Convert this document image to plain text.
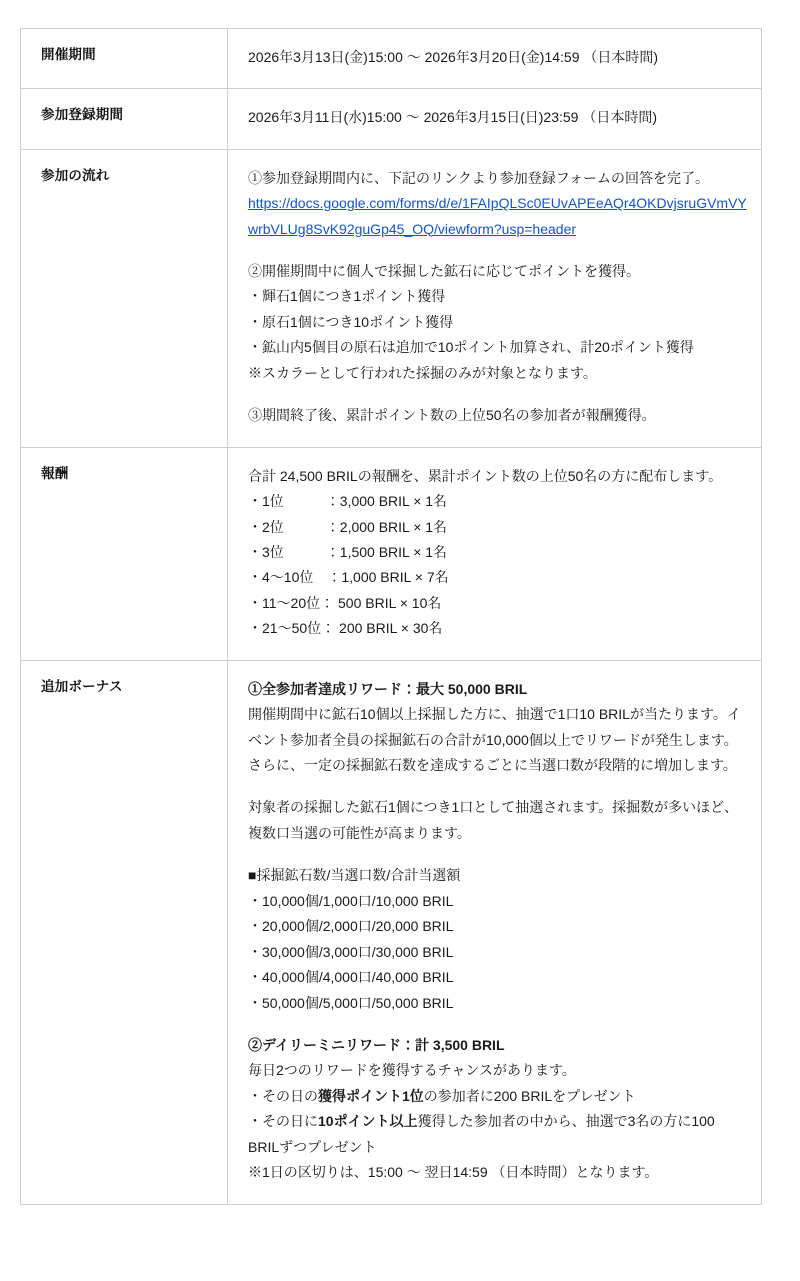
開催期間	2026年3月13日(金)15:00 ～ 2026年3月20日(金)14:59 （日本時間)

参加登録期間	2026年3月11日(水)15:00 ～ 2026年3月15日(日)23:59 （日本時間)

参加の流れ	①参加登録期間内に、下記のリンクより参加登録フォームの回答を完了。
https://docs.google.com/forms/d/e/1FAIpQLSc0EUvAPEeAQr4OKDvjsruGVmVYwrbVLUg8SvK92guGp45_OQ/viewform?usp=header
②開催期間中に個人で採掘した鉱石に応じてポイントを獲得。
・輝石1個につき1ポイント獲得
・原石1個につき10ポイント獲得
・鉱山内5個目の原石は追加で10ポイント加算され、計20ポイント獲得
※スカラーとして行われた採掘のみが対象となります。
③期間終了後、累計ポイント数の上位50名の参加者が報酬獲得。

報酬	合計 24,500 BRILの報酬を、累計ポイント数の上位50名の方に配布します。
・1位　　　：3,000 BRIL × 1名
・2位　　　：2,000 BRIL × 1名
・3位　　　：1,500 BRIL × 1名
・4〜10位　：1,000 BRIL × 7名
・11〜20位： 500 BRIL × 10名
・21〜50位： 200 BRIL × 30名

追加ボーナス	①全参加者達成リワード：最大 50,000 BRIL
開催期間中に鉱石10個以上採掘した方に、抽選で1口10 BRILが当たります。イベント参加者全員の採掘鉱石の合計が10,000個以上でリワードが発生します。さらに、一定の採掘鉱石数を達成するごとに当選口数が段階的に増加します。
対象者の採掘した鉱石1個につき1口として抽選されます。採掘数が多いほど、複数口当選の可能性が高まります。
■採掘鉱石数/当選口数/合計当選額
・10,000個/1,000口/10,000 BRIL
・20,000個/2,000口/20,000 BRIL
・30,000個/3,000口/30,000 BRIL
・40,000個/4,000口/40,000 BRIL
・50,000個/5,000口/50,000 BRIL
②デイリーミニリワード：計 3,500 BRIL
毎日2つのリワードを獲得するチャンスがあります。
・その日の獲得ポイント1位の参加者に200 BRILをプレゼント
・その日に10ポイント以上獲得した参加者の中から、抽選で3名の方に100 BRILずつプレゼント
※1日の区切りは、15:00 ～ 翌日14:59 （日本時間）となります。
